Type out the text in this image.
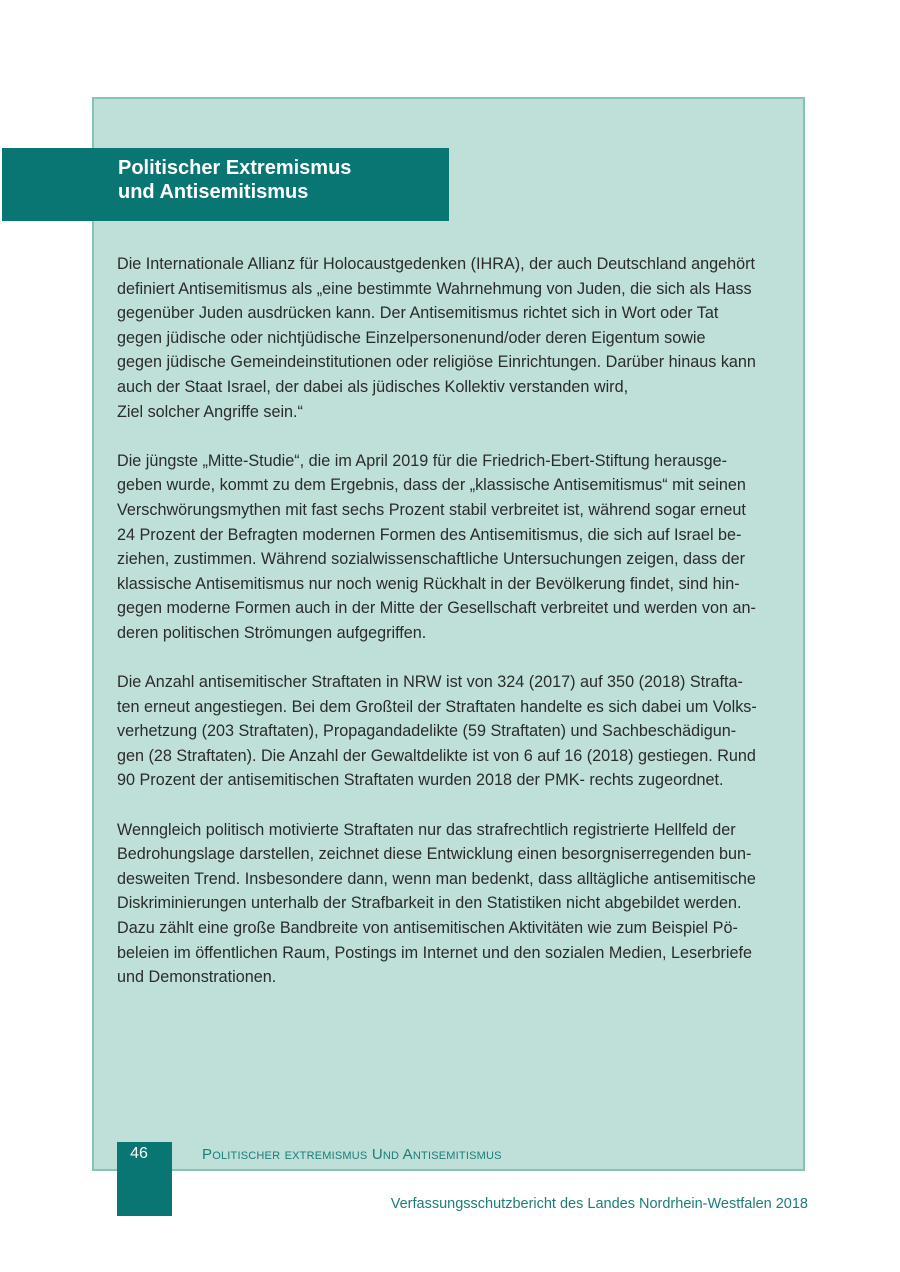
Politischer Extremismus
und Antisemitismus

Die Internationale Allianz für Holocaustgedenken (IHRA), der auch Deutschland angehört
definiert Antisemitismus als „eine bestimmte Wahrnehmung von Juden, die sich als Hass
gegenüber Juden ausdrücken kann. Der Antisemitismus richtet sich in Wort oder Tat
gegen jüdische oder nichtjüdische Einzelpersonenund/oder deren Eigentum sowie
gegen jüdische Gemeindeinstitutionen oder religiöse Einrichtungen. Darüber hinaus kann
auch der Staat Israel, der dabei als jüdisches Kollektiv verstanden wird,
Ziel solcher Angriffe sein.“

Die jüngste „Mitte-Studie“, die im April 2019 für die Friedrich-Ebert-Stiftung herausge-
geben wurde, kommt zu dem Ergebnis, dass der „klassische Antisemitismus“ mit seinen
Verschwörungsmythen mit fast sechs Prozent stabil verbreitet ist, während sogar erneut
24 Prozent der Befragten modernen Formen des Antisemitismus, die sich auf Israel be-
ziehen, zustimmen. Während sozialwissenschaftliche Untersuchungen zeigen, dass der
klassische Antisemitismus nur noch wenig Rückhalt in der Bevölkerung findet, sind hin-
gegen moderne Formen auch in der Mitte der Gesellschaft verbreitet und werden von an-
deren politischen Strömungen aufgegriffen.

Die Anzahl antisemitischer Straftaten in NRW ist von 324 (2017) auf 350 (2018) Strafta-
ten erneut angestiegen. Bei dem Großteil der Straftaten handelte es sich dabei um Volks-
verhetzung (203 Straftaten), Propagandadelikte (59 Straftaten) und Sachbeschädigun-
gen (28 Straftaten). Die Anzahl der Gewaltdelikte ist von 6 auf 16 (2018) gestiegen. Rund
90 Prozent der antisemitischen Straftaten wurden 2018 der PMK- rechts zugeordnet.

Wenngleich politisch motivierte Straftaten nur das strafrechtlich registrierte Hellfeld der
Bedrohungslage darstellen, zeichnet diese Entwicklung einen besorgniserregenden bun-
desweiten Trend. Insbesondere dann, wenn man bedenkt, dass alltägliche antisemitische
Diskriminierungen unterhalb der Strafbarkeit in den Statistiken nicht abgebildet werden.
Dazu zählt eine große Bandbreite von antisemitischen Aktivitäten wie zum Beispiel Pö-
beleien im öffentlichen Raum, Postings im Internet und den sozialen Medien, Leserbriefe
und Demonstrationen.

46	Politischer extremismus Und Antisemitismus
Verfassungsschutzbericht des Landes Nordrhein-Westfalen 2018
